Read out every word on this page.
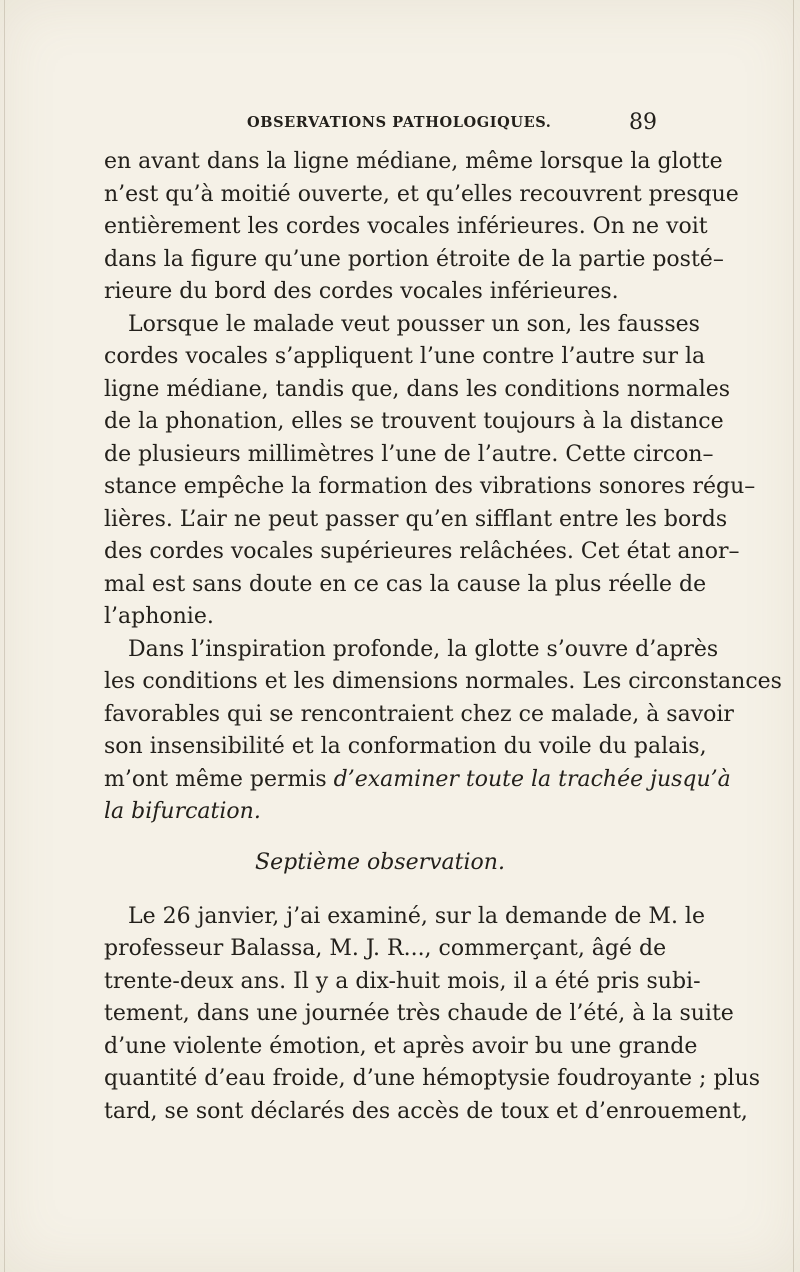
OBSERVATIONS PATHOLOGIQUES.	89

en avant dans la ligne médiane, même lorsque la glotte
n’est qu’à moitié ouverte, et qu’elles recouvrent presque
entièrement les cordes vocales inférieures. On ne voit
dans la figure qu’une portion étroite de la partie posté–
rieure du bord des cordes vocales inférieures.

Lorsque le malade veut pousser un son, les fausses
cordes vocales s’appliquent l’une contre l’autre sur la
ligne médiane, tandis que, dans les conditions normales
de la phonation, elles se trouvent toujours à la distance
de plusieurs millimètres l’une de l’autre. Cette circon–
stance empêche la formation des vibrations sonores régu–
lières. L’air ne peut passer qu’en sifflant entre les bords
des cordes vocales supérieures relâchées. Cet état anor–
mal est sans doute en ce cas la cause la plus réelle de
l’aphonie.

Dans l’inspiration profonde, la glotte s’ouvre d’après
les conditions et les dimensions normales. Les circonstances
favorables qui se rencontraient chez ce malade, à savoir
son insensibilité et la conformation du voile du palais,
m’ont même permis d’examiner toute la trachée jusqu’à
la bifurcation.

Septième observation.

Le 26 janvier, j’ai examiné, sur la demande de M. le
professeur Balassa, M. J. R..., commerçant, âgé de
trente-deux ans. Il y a dix-huit mois, il a été pris subi-
tement, dans une journée très chaude de l’été, à la suite
d’une violente émotion, et après avoir bu une grande
quantité d’eau froide, d’une hémoptysie foudroyante ; plus
tard, se sont déclarés des accès de toux et d’enrouement,
